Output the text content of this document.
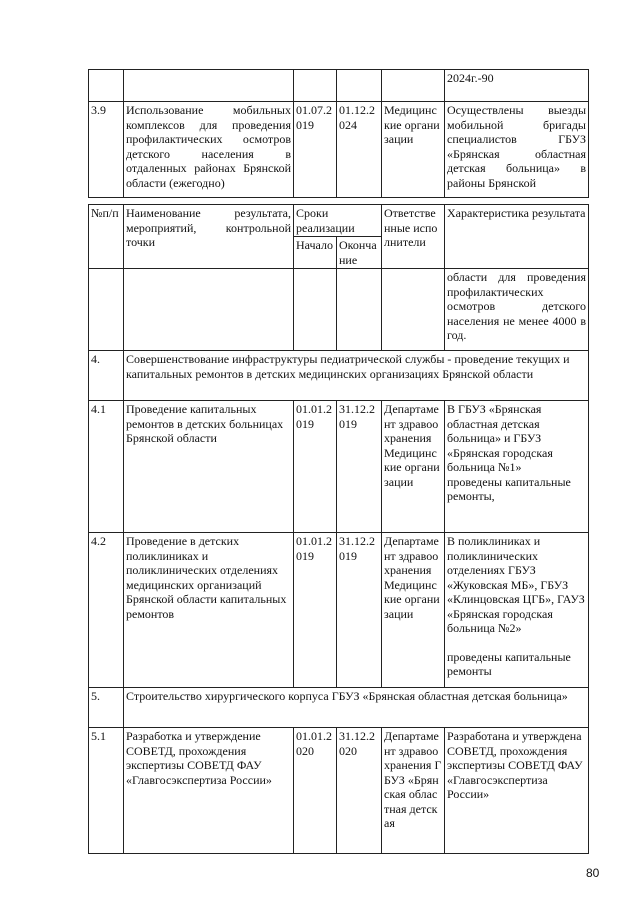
					2024г.-90
3.9	Использование мобильных комплексов для проведения профилактических осмотров детского населения в отдаленных районах Брянской области (ежегодно)	01.07.2019	01.12.2024	Медицинские организации	Осуществлены выезды мобильной бригады специалистов ГБУЗ «Брянская областная детская больница» в районы Брянской

№п/п	Наименование результата, мероприятий, контрольной точки	Сроки реализации		Ответственные исполнители	Характеристика результата
		Начало	Окончание		
					области для проведения профилактических осмотров детского населения не менее 4000 в год.
4.	Совершенствование инфраструктуры педиатрической службы - проведение текущих и капитальных ремонтов в детских медицинских организациях Брянской области				
4.1	Проведение капитальных ремонтов в детских больницах Брянской области	01.01.2019	31.12.2019	Департамент здравоохранения Медицинские организации	В ГБУЗ «Брянская областная детская больница» и ГБУЗ «Брянская городская больница №1»
проведены капитальные ремонты,

4.2	Проведение в детских поликлиниках и поликлинических отделениях медицинских организаций Брянской области капитальных ремонтов	01.01.2019	31.12.2019	Департамент здравоохранения Медицинские организации	В поликлиниках и поликлинических отделениях ГБУЗ «Жуковская МБ», ГБУЗ «Клинцовская ЦГБ», ГАУЗ «Брянская городская больница №2»
проведены капитальные ремонты

5.	Строительство хирургического корпуса ГБУЗ «Брянская областная детская больница»				
5.1	Разработка и утверждение СОВЕТД, прохождения экспертизы СОВЕТД ФАУ «Главгосэкспертиза России»	01.01.2020	31.12.2020	Департамент здравоохранения ГБУЗ «Брянская областная детская	Разработана и утверждена СОВЕТД, прохождения экспертизы СОВЕТД ФАУ «Главгосэкспертиза России»
80
